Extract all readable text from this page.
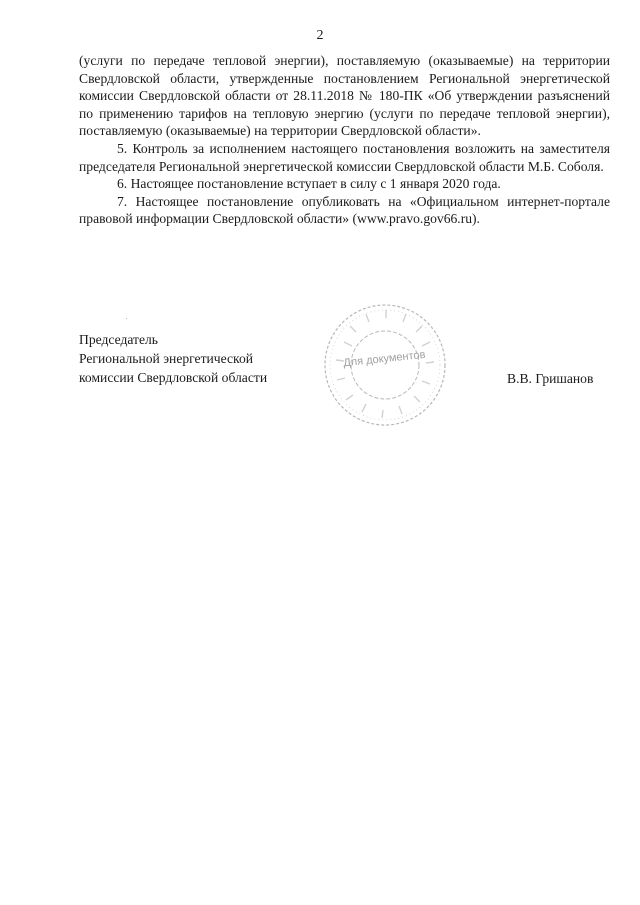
2

(услуги по передаче тепловой энергии), поставляемую (оказываемые) на территории Свердловской области, утвержденные постановлением Региональной энергетической комиссии Свердловской области от 28.11.2018 № 180-ПК «Об утверждении разъяснений по применению тарифов на тепловую энергию (услуги по передаче тепловой энергии), поставляемую (оказываемые) на территории Свердловской области».

5. Контроль за исполнением настоящего постановления возложить на заместителя председателя Региональной энергетической комиссии Свердловской области М.Б. Соболя.

6. Настоящее постановление вступает в силу с 1 января 2020 года.

7. Настоящее постановление опубликовать на «Официальном интернет-портале правовой информации Свердловской области» (www.pravo.gov66.ru).

Председатель
Региональной энергетической
комиссии Свердловской области
Для документов
В.В. Гришанов
